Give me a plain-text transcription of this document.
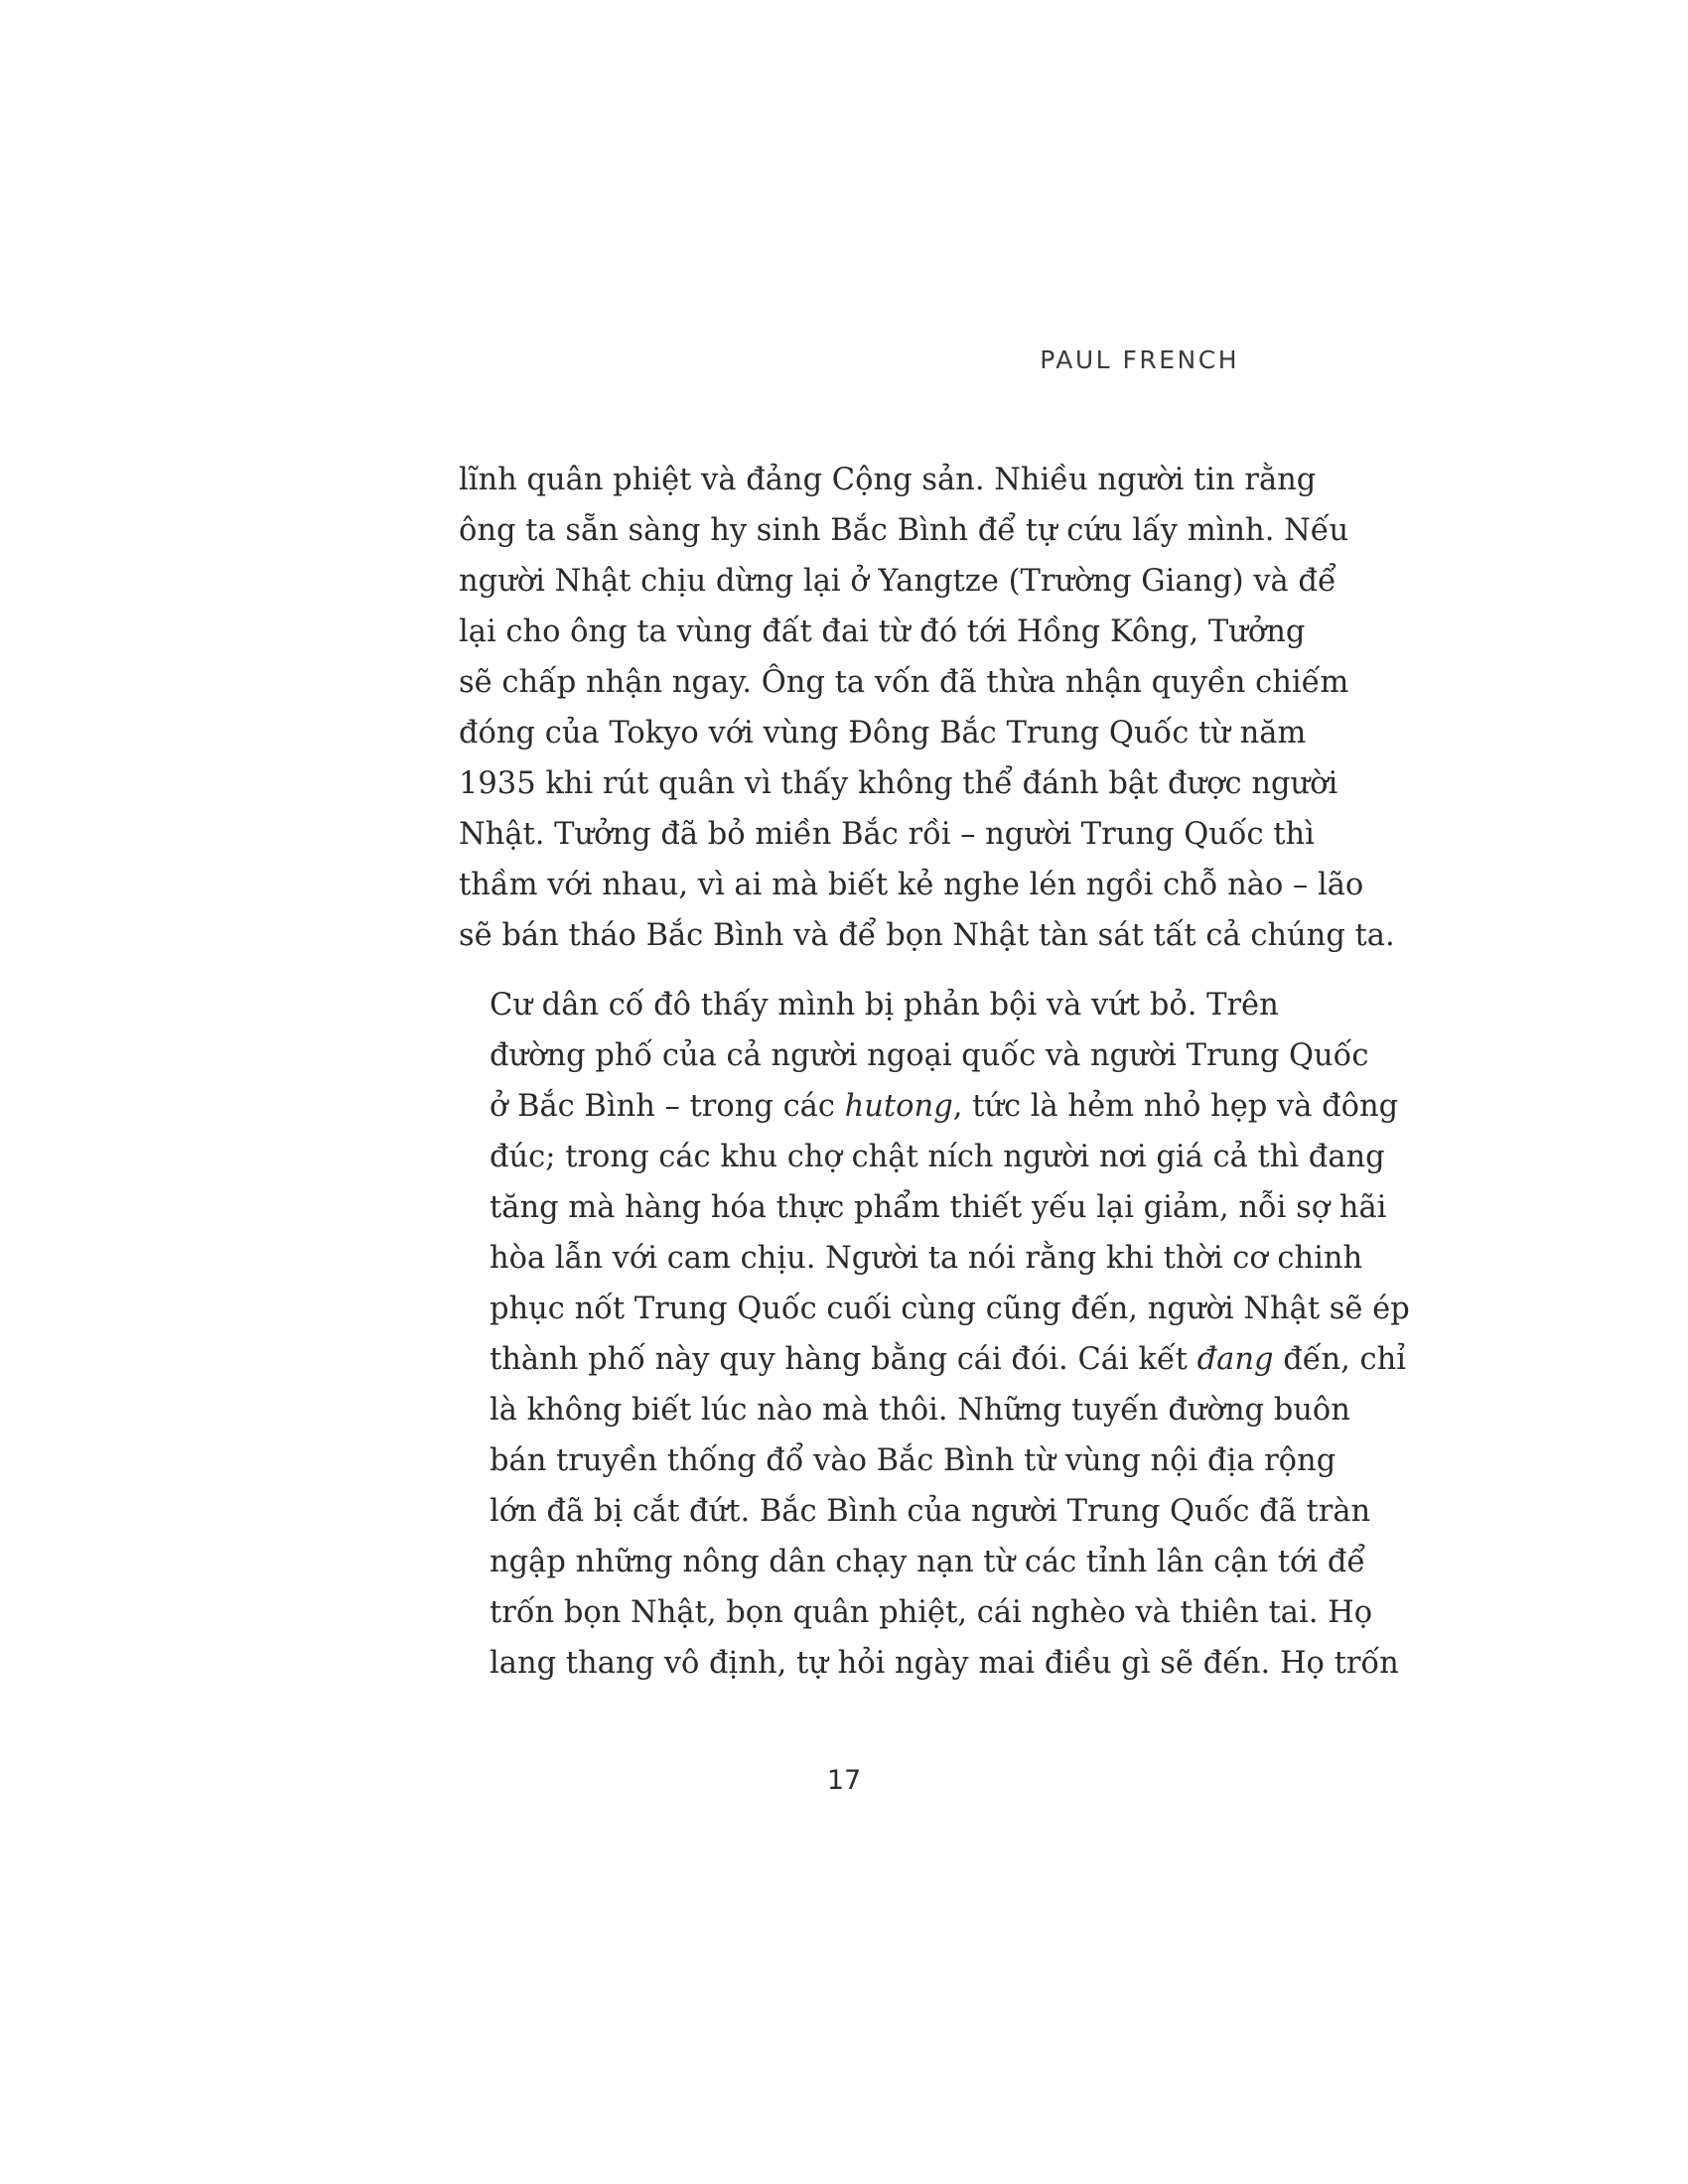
PAUL FRENCH

lĩnh quân phiệt và đảng Cộng sản. Nhiều người tin rằng
ông ta sẵn sàng hy sinh Bắc Bình để tự cứu lấy mình. Nếu
người Nhật chịu dừng lại ở Yangtze (Trường Giang) và để
lại cho ông ta vùng đất đai từ đó tới Hồng Kông, Tưởng
sẽ chấp nhận ngay. Ông ta vốn đã thừa nhận quyền chiếm
đóng của Tokyo với vùng Đông Bắc Trung Quốc từ năm
1935 khi rút quân vì thấy không thể đánh bật được người
Nhật. Tưởng đã bỏ miền Bắc rồi – người Trung Quốc thì
thầm với nhau, vì ai mà biết kẻ nghe lén ngồi chỗ nào – lão
sẽ bán tháo Bắc Bình và để bọn Nhật tàn sát tất cả chúng ta.

Cư dân cố đô thấy mình bị phản bội và vứt bỏ. Trên
đường phố của cả người ngoại quốc và người Trung Quốc
ở Bắc Bình – trong các hutong, tức là hẻm nhỏ hẹp và đông
đúc; trong các khu chợ chật ních người nơi giá cả thì đang
tăng mà hàng hóa thực phẩm thiết yếu lại giảm, nỗi sợ hãi
hòa lẫn với cam chịu. Người ta nói rằng khi thời cơ chinh
phục nốt Trung Quốc cuối cùng cũng đến, người Nhật sẽ ép
thành phố này quy hàng bằng cái đói. Cái kết đang đến, chỉ
là không biết lúc nào mà thôi. Những tuyến đường buôn
bán truyền thống đổ vào Bắc Bình từ vùng nội địa rộng
lớn đã bị cắt đứt. Bắc Bình của người Trung Quốc đã tràn
ngập những nông dân chạy nạn từ các tỉnh lân cận tới để
trốn bọn Nhật, bọn quân phiệt, cái nghèo và thiên tai. Họ
lang thang vô định, tự hỏi ngày mai điều gì sẽ đến. Họ trốn

17
